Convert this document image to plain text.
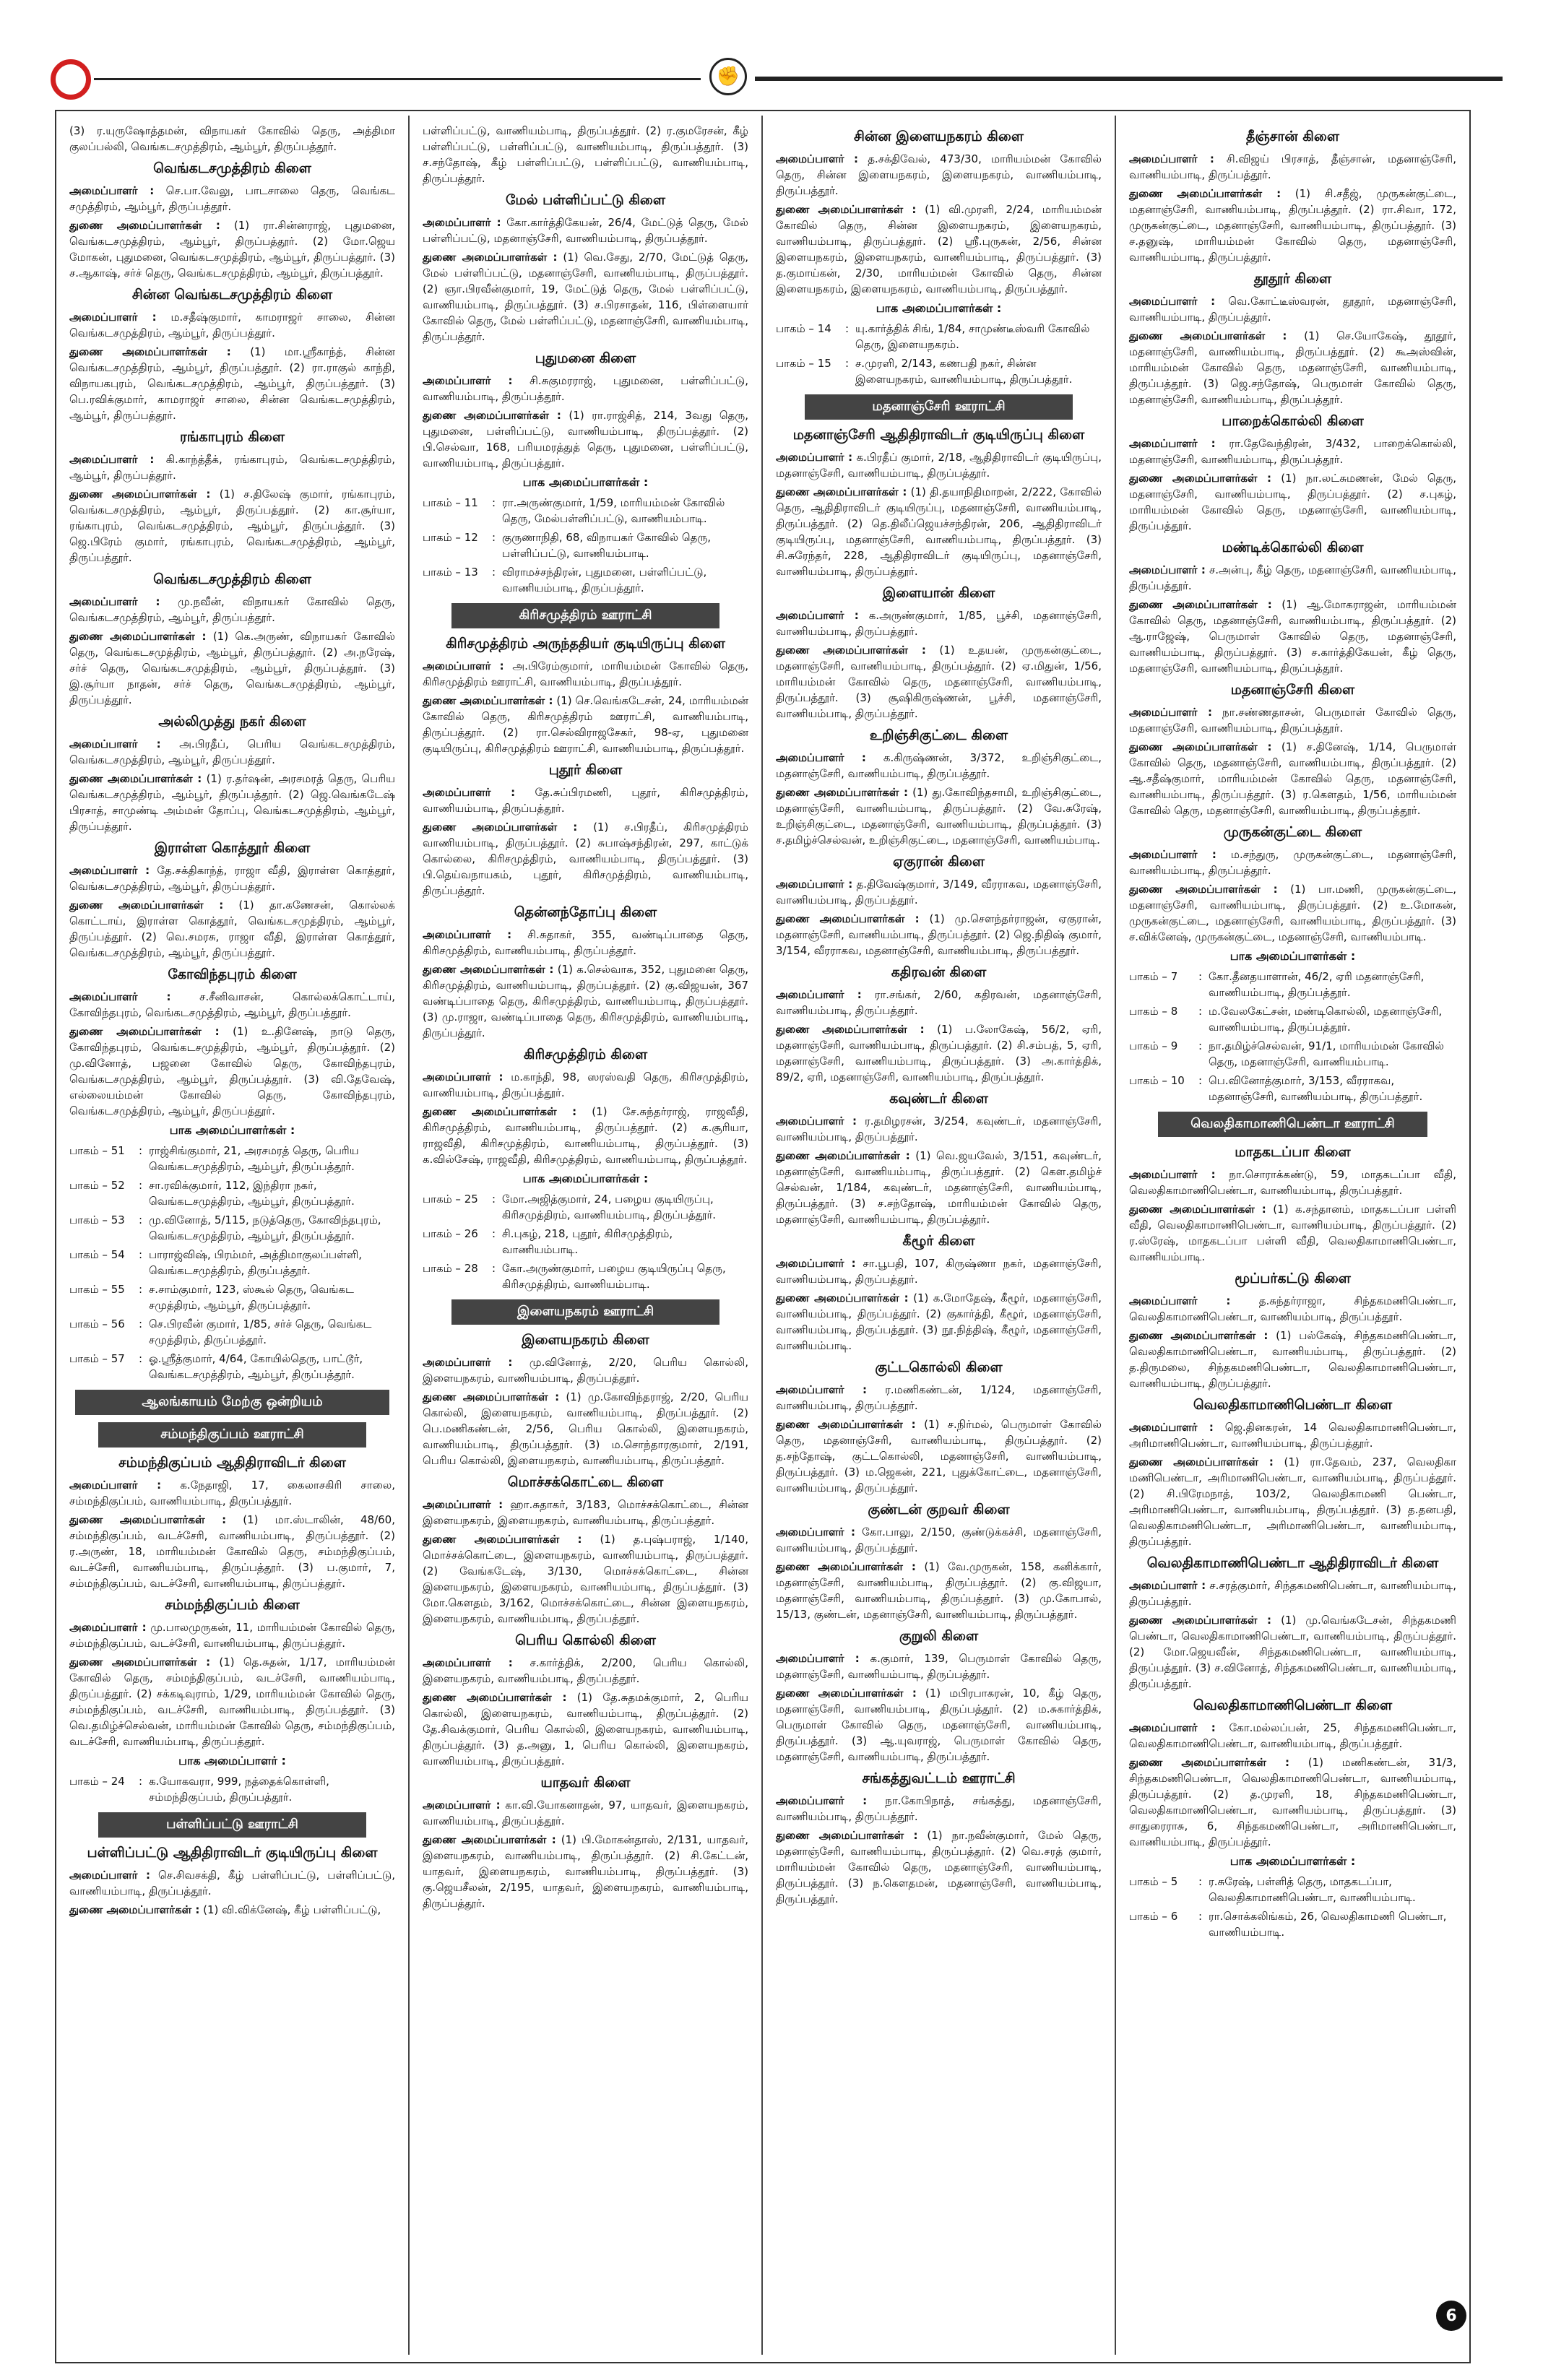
✊
(3) ர.யுருஷோத்தமன், விநாயகர் கோவில் தெரு, அத்திமா குலப்பல்லி, வெங்கடசமுத்திரம், ஆம்பூர், திருப்பத்தூர்.
வெங்கடசமுத்திரம் கிளை
அமைப்பாளர் : செ.பா.வேலு, பாடசாலை தெரு, வெங்கட சமுத்திரம், ஆம்பூர், திருப்பத்தூர்.
துணை அமைப்பாளர்கள் : (1) ரா.சின்னராஜ், புதுமனை, வெங்கடசமுத்திரம், ஆம்பூர், திருப்பத்தூர். (2) மோ.ஜெய மோகன், புதுமனை, வெங்கடசமுத்திரம், ஆம்பூர், திருப்பத்தூர். (3) ச.ஆகாஷ், சர்ச் தெரு, வெங்கடசமுத்திரம், ஆம்பூர், திருப்பத்தூர்.
சின்ன வெங்கடசமுத்திரம் கிளை
அமைப்பாளர் : ம.சதீஷ்குமார், காமராஜர் சாலை, சின்ன வெங்கடசமுத்திரம், ஆம்பூர், திருப்பத்தூர்.
துணை அமைப்பாளர்கள் : (1) மா.ஸ்ரீகாந்த், சின்ன வெங்கடசமுத்திரம், ஆம்பூர், திருப்பத்தூர். (2) ரா.ராகுல் காந்தி, விநாயகபுரம், வெங்கடசமுத்திரம், ஆம்பூர், திருப்பத்தூர். (3) பெ.ரவிக்குமார், காமராஜர் சாலை, சின்ன வெங்கடசமுத்திரம், ஆம்பூர், திருப்பத்தூர்.
ரங்காபுரம் கிளை
அமைப்பாளர் : கி.காந்த்தீக், ரங்காபுரம், வெங்கடசமுத்திரம், ஆம்பூர், திருப்பத்தூர்.
துணை அமைப்பாளர்கள் : (1) ச.திலேஷ் குமார், ரங்காபுரம், வெங்கடசமுத்திரம், ஆம்பூர், திருப்பத்தூர். (2) கா.சூர்யா, ரங்காபுரம், வெங்கடசமுத்திரம், ஆம்பூர், திருப்பத்தூர். (3) ஜெ.பிரேம் குமார், ரங்காபுரம், வெங்கடசமுத்திரம், ஆம்பூர், திருப்பத்தூர்.
வெங்கடசமுத்திரம் கிளை
அமைப்பாளர் : மு.நவீன், விநாயகர் கோவில் தெரு, வெங்கடசமுத்திரம், ஆம்பூர், திருப்பத்தூர்.
துணை அமைப்பாளர்கள் : (1) கெ.அருண், விநாயகர் கோவில் தெரு, வெங்கடசமுத்திரம், ஆம்பூர், திருப்பத்தூர். (2) அ.நரேஷ், சர்ச் தெரு, வெங்கடசமுத்திரம், ஆம்பூர், திருப்பத்தூர். (3) இ.சூர்யா நாதன், சர்ச் தெரு, வெங்கடசமுத்திரம், ஆம்பூர், திருப்பத்தூர்.
அல்லிமுத்து நகர் கிளை
அமைப்பாளர் : அ.பிரதீப், பெரிய வெங்கடசமுத்திரம், வெங்கடசமுத்திரம், ஆம்பூர், திருப்பத்தூர்.
துணை அமைப்பாளர்கள் : (1) ர.தர்ஷன், அரசமரத் தெரு, பெரிய வெங்கடசமுத்திரம், ஆம்பூர், திருப்பத்தூர். (2) ஜெ.வெங்கடேஷ் பிரசாத், சாமுண்டி அம்மன் தோப்பு, வெங்கடசமுத்திரம், ஆம்பூர், திருப்பத்தூர்.
இராள்ள கொத்தூர் கிளை
அமைப்பாளர் : தே.சக்திகாந்த், ராஜா வீதி, இராள்ள கொத்தூர், வெங்கடசமுத்திரம், ஆம்பூர், திருப்பத்தூர்.
துணை அமைப்பாளர்கள் : (1) தா.கணேசன், கொல்லக் கொட்டாய், இராள்ள கொத்தூர், வெங்கடசமுத்திரம், ஆம்பூர், திருப்பத்தூர். (2) வெ.சமரசு, ராஜா வீதி, இராள்ள கொத்தூர், வெங்கடசமுத்திரம், ஆம்பூர், திருப்பத்தூர்.
கோவிந்தபுரம் கிளை
அமைப்பாளர் :	ச.சீனிவாசன், கொல்லக்கொட்டாய், கோவிந்தபுரம், வெங்கடசமுத்திரம், ஆம்பூர், திருப்பத்தூர்.
துணை அமைப்பாளர்கள் : (1) உ.தினேஷ், நாடு தெரு, கோவிந்தபுரம், வெங்கடசமுத்திரம், ஆம்பூர், திருப்பத்தூர். (2) மு.வினோத், பஜனை கோவில் தெரு, கோவிந்தபுரம், வெங்கடசமுத்திரம், ஆம்பூர், திருப்பத்தூர். (3) வி.தேவேஷ், எல்லையம்மன் கோவில் தெரு, கோவிந்தபுரம், வெங்கடசமுத்திரம், ஆம்பூர், திருப்பத்தூர்.
பாக அமைப்பாளர்கள் :
பாகம் – 51	: ராஜ்சிங்குமார், 21, அரசமரத் தெரு, பெரிய வெங்கடசமுத்திரம், ஆம்பூர், திருப்பத்தூர்.
பாகம் – 52	: சா.ரவிக்குமார், 112, இந்திரா நகர், வெங்கடசமுத்திரம், ஆம்பூர், திருப்பத்தூர்.
பாகம் – 53	: மு.வினோத், 5/115, நடுத்தெரு, கோவிந்தபுரம், வெங்கடசமுத்திரம், ஆம்பூர், திருப்பத்தூர்.
பாகம் – 54	: பாராஜ்விஷ், பிரம்மர், அத்திமாகுலப்பள்ளி, வெங்கடசமுத்திரம், திருப்பத்தூர்.
பாகம் – 55	: ச.சாம்குமார், 123, ஸ்கூல் தெரு, வெங்கட சமுத்திரம், ஆம்பூர், திருப்பத்தூர்.
பாகம் – 56	: செ.பிரவீன் குமார், 1/85, சர்ச் தெரு, வெங்கட சமுத்திரம், திருப்பத்தூர்.
பாகம் – 57	: ஓ.ஸ்ரீத்குமார், 4/64, கோயில்தெரு, பாட்டூர், வெங்கடசமுத்திரம், ஆம்பூர், திருப்பத்தூர்.
ஆலங்காயம் மேற்கு ஒன்றியம்
சம்மந்திகுப்பம் ஊராட்சி
சம்மந்திகுப்பம் ஆதிதிராவிடர் கிளை
அமைப்பாளர் : க.நேதாஜி, 17, கைலாசகிரி சாலை, சம்மந்திகுப்பம், வாணியம்பாடி, திருப்பத்தூர்.
துணை அமைப்பாளர்கள் : (1) மா.ஸ்டாலின், 48/60, சம்மந்திகுப்பம், வடச்சேரி, வாணியம்பாடி, திருப்பத்தூர். (2) ர.அருண், 18, மாரியம்மன் கோவில் தெரு, சம்மந்திகுப்பம், வடச்சேரி, வாணியம்பாடி, திருப்பத்தூர். (3) ப.குமார், 7, சம்மந்திகுப்பம், வடச்சேரி, வாணியம்பாடி, திருப்பத்தூர்.
சம்மந்திகுப்பம் கிளை
அமைப்பாளர் : மு.பாலமுருகன், 11, மாரியம்மன் கோவில் தெரு, சம்மந்திகுப்பம், வடச்சேரி, வாணியம்பாடி, திருப்பத்தூர்.
துணை அமைப்பாளர்கள் : (1) தெ.சுதன், 1/17, மாரியம்மன் கோவில் தெரு, சம்மந்திகுப்பம், வடச்சேரி, வாணியம்பாடி, திருப்பத்தூர். (2) சக்கடிவுராம், 1/29, மாரியம்மன் கோவில் தெரு, சம்மந்திகுப்பம், வடச்சேரி, வாணியம்பாடி, திருப்பத்தூர். (3) வெ.தமிழ்ச்செல்வன், மாரியம்மன் கோவில் தெரு, சம்மந்திகுப்பம், வடச்சேரி, வாணியம்பாடி, திருப்பத்தூர்.
பாக அமைப்பாளர் :
பாகம் – 24	: க.யோகவரா, 999, நத்தைக்கொள்ளி, சம்மந்திகுப்பம், திருப்பத்தூர்.
பள்ளிப்பட்டு ஊராட்சி
பள்ளிப்பட்டு ஆதிதிராவிடர் குடியிருப்பு கிளை
அமைப்பாளர் : செ.சிவசக்தி, கீழ் பள்ளிப்பட்டு, பள்ளிப்பட்டு, வாணியம்பாடி, திருப்பத்தூர்.
துணை அமைப்பாளர்கள் : (1) வி.விக்னேஷ், கீழ் பள்ளிப்பட்டு,
பள்ளிப்பட்டு, வாணியம்பாடி, திருப்பத்தூர். (2) ர.குமரேசன், கீழ் பள்ளிப்பட்டு, பள்ளிப்பட்டு, வாணியம்பாடி, திருப்பத்தூர். (3) ச.சந்தோஷ், கீழ் பள்ளிப்பட்டு, பள்ளிப்பட்டு, வாணியம்பாடி, திருப்பத்தூர்.
மேல் பள்ளிப்பட்டு கிளை
அமைப்பாளர் : கோ.கார்த்திகேயன், 26/4, மேட்டுத் தெரு, மேல் பள்ளிப்பட்டு, மதனாஞ்சேரி, வாணியம்பாடி, திருப்பத்தூர்.
துணை அமைப்பாளர்கள் : (1) வெ.சேது, 2/70, மேட்டுத் தெரு, மேல் பள்ளிப்பட்டு, மதனாஞ்சேரி, வாணியம்பாடி, திருப்பத்தூர். (2) ஞா.பிரவீன்குமார், 19, மேட்டுத் தெரு, மேல் பள்ளிப்பட்டு, வாணியம்பாடி, திருப்பத்தூர். (3) ச.பிரசாதன், 116, பிள்ளையார் கோவில் தெரு, மேல் பள்ளிப்பட்டு, மதனாஞ்சேரி, வாணியம்பாடி, திருப்பத்தூர்.
புதுமனை கிளை
அமைப்பாளர் : சி.சுகுமரராஜ், புதுமனை, பள்ளிப்பட்டு, வாணியம்பாடி, திருப்பத்தூர்.
துணை அமைப்பாளர்கள் : (1) ரா.ராஜ்சித், 214, 3வது தெரு, புதுமனை, பள்ளிப்பட்டு, வாணியம்பாடி, திருப்பத்தூர். (2) பி.செல்வா, 168, பரியமரத்துத் தெரு, புதுமனை, பள்ளிப்பட்டு, வாணியம்பாடி, திருப்பத்தூர்.
பாக அமைப்பாளர்கள் :
பாகம் – 11	: ரா.அருண்குமார், 1/59, மாரியம்மன் கோவில் தெரு, மேல்பள்ளிப்பட்டு, வாணியம்பாடி.
பாகம் – 12	: குருணாநிதி, 68, விநாயகர் கோவில் தெரு, பள்ளிப்பட்டு, வாணியம்பாடி.
பாகம் – 13	: விராமச்சந்திரன், புதுமனை, பள்ளிப்பட்டு, வாணியம்பாடி, திருப்பத்தூர்.
கிரிசமுத்திரம் ஊராட்சி
கிரிசமுத்திரம் அருந்ததியர் குடியிருப்பு கிளை
அமைப்பாளர் : அ.பிரேம்குமார், மாரியம்மன் கோவில் தெரு, கிரிசமுத்திரம் ஊராட்சி, வாணியம்பாடி, திருப்பத்தூர்.
துணை அமைப்பாளர்கள் : (1) செ.வெங்கடேசன், 24, மாரியம்மன் கோவில் தெரு, கிரிசமுத்திரம் ஊராட்சி, வாணியம்பாடி, திருப்பத்தூர். (2) ரா.செல்விராஜசேகர், 98-ஏ, புதுமனை குடியிருப்பு, கிரிசமுத்திரம் ஊராட்சி, வாணியம்பாடி, திருப்பத்தூர்.
புதூர் கிளை
அமைப்பாளர் : தே.சுப்பிரமணி, புதூர், கிரிசமுத்திரம், வாணியம்பாடி, திருப்பத்தூர்.
துணை அமைப்பாளர்கள் : (1) ச.பிரதீப், கிரிசமுத்திரம் வாணியம்பாடி, திருப்பத்தூர். (2) சுபாஷ்சந்திரன், 297, காட்டுக் கொல்லை, கிரிசமுத்திரம், வாணியம்பாடி, திருப்பத்தூர். (3) பி.தெய்வநாயகம், புதூர், கிரிசமுத்திரம், வாணியம்பாடி, திருப்பத்தூர்.
தென்னந்தோப்பு கிளை
அமைப்பாளர் : சி.சுதாகர், 355, வண்டிப்பாதை தெரு, கிரிசமுத்திரம், வாணியம்பாடி, திருப்பத்தூர்.
துணை அமைப்பாளர்கள் : (1) க.செல்வாக, 352, புதுமனை தெரு, கிரிசமுத்திரம், வாணியம்பாடி, திருப்பத்தூர். (2) கு.விஜயன், 367 வண்டிப்பாதை தெரு, கிரிசமுத்திரம், வாணியம்பாடி, திருப்பத்தூர். (3) மு.ராஜா, வண்டிப்பாதை தெரு, கிரிசமுத்திரம், வாணியம்பாடி, திருப்பத்தூர்.
கிரிசமுத்திரம் கிளை
அமைப்பாளர் : ம.காந்தி, 98, ஸரஸ்வதி தெரு, கிரிசமுத்திரம், வாணியம்பாடி, திருப்பத்தூர்.
துணை அமைப்பாளர்கள் : (1) சே.சுந்தர்ராஜ், ராஜவீதி, கிரிசமுத்திரம், வாணியம்பாடி, திருப்பத்தூர். (2) க.சூரியா, ராஜவீதி, கிரிசமுத்திரம், வாணியம்பாடி, திருப்பத்தூர். (3) க.வில்சேஷ், ராஜவீதி, கிரிசமுத்திரம், வாணியம்பாடி, திருப்பத்தூர்.
பாக அமைப்பாளர்கள் :
பாகம் – 25	: மோ.அஜித்குமார், 24, பழைய குடியிருப்பு, கிரிசமுத்திரம், வாணியம்பாடி, திருப்பத்தூர்.
பாகம் – 26	: சி.புகழ், 218, புதூர், கிரிசமுத்திரம், வாணியம்பாடி.
பாகம் – 28	: கோ.அருண்குமார், பழைய குடியிருப்பு தெரு, கிரிசமுத்திரம், வாணியம்பாடி.
இளையநகரம் ஊராட்சி
இளையநகரம் கிளை
அமைப்பாளர் : மு.வினோத், 2/20, பெரிய கொல்லி, இளையநகரம், வாணியம்பாடி, திருப்பத்தூர்.
துணை அமைப்பாளர்கள் : (1) மு.கோவிந்தராஜ், 2/20, பெரிய கொல்லி, இளையநகரம், வாணியம்பாடி, திருப்பத்தூர். (2) பெ.மணிகண்டன், 2/56, பெரிய கொல்லி, இளையநகரம், வாணியம்பாடி, திருப்பத்தூர். (3) ம.சொந்தாரகுமார், 2/191, பெரிய கொல்லி, இளையநகரம், வாணியம்பாடி, திருப்பத்தூர்.
மொச்சக்கொட்டை கிளை
அமைப்பாளர் : ஹா.சுதாகர், 3/183, மொச்சக்கொட்டை, சின்ன இளையநகரம், இளையநகரம், வாணியம்பாடி, திருப்பத்தூர்.
துணை அமைப்பாளர்கள் : (1) த.புஷ்பராஜ், 1/140, மொச்சக்கொட்டை, இளையநகரம், வாணியம்பாடி, திருப்பத்தூர். (2) வேங்கடேஷ், 3/130, மொச்சக்கொட்டை, சின்ன இளையநகரம், இளையநகரம், வாணியம்பாடி, திருப்பத்தூர். (3) மோ.கௌதம், 3/162, மொச்சக்கொட்டை, சின்ன இளையநகரம், இளையநகரம், வாணியம்பாடி, திருப்பத்தூர்.
பெரிய கொல்லி கிளை
அமைப்பாளர் : ச.கார்த்திக், 2/200, பெரிய கொல்லி, இளையநகரம், வாணியம்பாடி, திருப்பத்தூர்.
துணை அமைப்பாளர்கள் : (1) தே.சுதமக்குமார், 2, பெரிய கொல்லி, இளையநகரம், வாணியம்பாடி, திருப்பத்தூர். (2) தே.சிவக்குமார், பெரிய கொல்லி, இளையநகரம், வாணியம்பாடி, திருப்பத்தூர். (3) த.அனு, 1, பெரிய கொல்லி, இளையநகரம், வாணியம்பாடி, திருப்பத்தூர்.
யாதவர் கிளை
அமைப்பாளர் : கா.வி.யோகனாதன், 97, யாதவர், இளையநகரம், வாணியம்பாடி, திருப்பத்தூர்.
துணை அமைப்பாளர்கள் : (1) பி.மோகன்தாஸ், 2/131, யாதவர், இளையநகரம், வாணியம்பாடி, திருப்பத்தூர். (2) சி.கேட்டன், யாதவர், இளையநகரம், வாணியம்பாடி, திருப்பத்தூர். (3) கு.ஜெயசீலன், 2/195, யாதவர், இளையநகரம், வாணியம்பாடி, திருப்பத்தூர்.
சின்ன இளையநகரம் கிளை
அமைப்பாளர் : த.சக்திவேல், 473/30, மாரியம்மன் கோவில் தெரு, சின்ன இளையநகரம், இளையநகரம், வாணியம்பாடி, திருப்பத்தூர்.
துணை அமைப்பாளர்கள் : (1) வி.முரளி, 2/24, மாரியம்மன் கோவில் தெரு, சின்ன இளையநகரம், இளையநகரம், வாணியம்பாடி, திருப்பத்தூர். (2) ஸ்ரீ.புருகன், 2/56, சின்ன இளையநகரம், இளையநகரம், வாணியம்பாடி, திருப்பத்தூர். (3) த.குமாய்கன், 2/30, மாரியம்மன் கோவில் தெரு, சின்ன இளையநகரம், இளையநகரம், வாணியம்பாடி, திருப்பத்தூர்.
பாக அமைப்பாளர்கள் :
பாகம் – 14	: யு.கார்த்திக் சிங், 1/84, சாமுண்டீஸ்வரி கோவில் தெரு, இளையநகரம்.
பாகம் – 15	: ச.முரளி, 2/143, கணபதி நகர், சின்ன இளையநகரம், வாணியம்பாடி, திருப்பத்தூர்.
மதனாஞ்சேரி ஊராட்சி
மதனாஞ்சேரி ஆதிதிராவிடர் குடியிருப்பு கிளை
அமைப்பாளர் : க.பிரதீப் குமார், 2/18, ஆதிதிராவிடர் குடியிருப்பு, மதனாஞ்சேரி, வாணியம்பாடி, திருப்பத்தூர்.
துணை அமைப்பாளர்கள் : (1) தி.தயாநிதிமாறன், 2/222, கோவில் தெரு, ஆதிதிராவிடர் குடியிருப்பு, மதனாஞ்சேரி, வாணியம்பாடி, திருப்பத்தூர். (2) தெ.திலீப்ஜெயச்சந்திரன், 206, ஆதிதிராவிடர் குடியிருப்பு, மதனாஞ்சேரி, வாணியம்பாடி, திருப்பத்தூர். (3) சி.சுரேந்தர், 228, ஆதிதிராவிடர் குடியிருப்பு, மதனாஞ்சேரி, வாணியம்பாடி, திருப்பத்தூர்.
இளையான் கிளை
அமைப்பாளர் : க.அருண்குமார், 1/85, பூச்சி, மதனாஞ்சேரி, வாணியம்பாடி, திருப்பத்தூர்.
துணை அமைப்பாளர்கள் : (1) உதயன், முருகன்குட்டை, மதனாஞ்சேரி, வாணியம்பாடி, திருப்பத்தூர். (2) ஏ.மிதுன், 1/56, மாரியம்மன் கோவில் தெரு, மதனாஞ்சேரி, வாணியம்பாடி, திருப்பத்தூர். (3) சூஷிகிருஷ்ணன், பூச்சி, மதனாஞ்சேரி, வாணியம்பாடி, திருப்பத்தூர்.
உறிஞ்சிகுட்டை கிளை
அமைப்பாளர் : க.கிருஷ்ணன், 3/372, உறிஞ்சிகுட்டை, மதனாஞ்சேரி, வாணியம்பாடி, திருப்பத்தூர்.
துணை அமைப்பாளர்கள் : (1) து.கோவிந்தசாமி, உறிஞ்சிகுட்டை, மதனாஞ்சேரி, வாணியம்பாடி, திருப்பத்தூர். (2) வே.சுரேஷ், உறிஞ்சிகுட்டை, மதனாஞ்சேரி, வாணியம்பாடி, திருப்பத்தூர். (3) ச.தமிழ்ச்செல்வன், உறிஞ்சிகுட்டை, மதனாஞ்சேரி, வாணியம்பாடி.
ஏகுரான் கிளை
அமைப்பாளர் : த.திவேஷ்குமார், 3/149, வீரராகவ, மதனாஞ்சேரி, வாணியம்பாடி, திருப்பத்தூர்.
துணை அமைப்பாளர்கள் : (1) மு.செளந்தர்ராஜன், ஏகுரான், மதனாஞ்சேரி, வாணியம்பாடி, திருப்பத்தூர். (2) ஜெ.நிதிஷ் குமார், 3/154, வீரராகவ, மதனாஞ்சேரி, வாணியம்பாடி, திருப்பத்தூர்.
கதிரவன் கிளை
அமைப்பாளர் : ரா.சங்கர், 2/60, கதிரவன், மதனாஞ்சேரி, வாணியம்பாடி, திருப்பத்தூர்.
துணை அமைப்பாளர்கள் : (1) ப.லோகேஷ், 56/2, ஏரி, மதனாஞ்சேரி, வாணியம்பாடி, திருப்பத்தூர். (2) சி.சம்பத், 5, ஏரி, மதனாஞ்சேரி, வாணியம்பாடி, திருப்பத்தூர். (3) அ.கார்த்திக், 89/2, ஏரி, மதனாஞ்சேரி, வாணியம்பாடி, திருப்பத்தூர்.
கவுண்டர் கிளை
அமைப்பாளர் : ர.தமிழரசன், 3/254, கவுண்டர், மதனாஞ்சேரி, வாணியம்பாடி, திருப்பத்தூர்.
துணை அமைப்பாளர்கள் : (1) வெ.ஜயவேல், 3/151, கவுண்டர், மதனாஞ்சேரி, வாணியம்பாடி, திருப்பத்தூர். (2) கௌ.தமிழ்ச் செல்வன், 1/184, கவுண்டர், மதனாஞ்சேரி, வாணியம்பாடி, திருப்பத்தூர். (3) ச.சந்தோஷ், மாரியம்மன் கோவில் தெரு, மதனாஞ்சேரி, வாணியம்பாடி, திருப்பத்தூர்.
கீழூர் கிளை
அமைப்பாளர் : சா.பூபதி, 107, கிருஷ்ணா நகர், மதனாஞ்சேரி, வாணியம்பாடி, திருப்பத்தூர்.
துணை அமைப்பாளர்கள் : (1) க.மோதேஷ், கீழூர், மதனாஞ்சேரி, வாணியம்பாடி, திருப்பத்தூர். (2) குகார்த்தி, கீழூர், மதனாஞ்சேரி, வாணியம்பாடி, திருப்பத்தூர். (3) நூ.நித்திஷ், கீழூர், மதனாஞ்சேரி, வாணியம்பாடி.
குட்டகொல்லி கிளை
அமைப்பாளர் : ர.மணிகண்டன், 1/124, மதனாஞ்சேரி, வாணியம்பாடி, திருப்பத்தூர்.
துணை அமைப்பாளர்கள் : (1) ச.நிர்மல், பெருமாள் கோவில் தெரு, மதனாஞ்சேரி, வாணியம்பாடி, திருப்பத்தூர். (2) த.சந்தோஷ், குட்டகொல்லி, மதனாஞ்சேரி, வாணியம்பாடி, திருப்பத்தூர். (3) ம.ஜெகன், 221, புதுக்கோட்டை, மதனாஞ்சேரி, வாணியம்பாடி, திருப்பத்தூர்.
குண்டன் குறவர் கிளை
அமைப்பாளர் : கோ.பாலு, 2/150, குண்டுக்கச்சி, மதனாஞ்சேரி, வாணியம்பாடி, திருப்பத்தூர்.
துணை அமைப்பாளர்கள் : (1) வே.முருகன், 158, கனிக்கார், மதனாஞ்சேரி, வாணியம்பாடி, திருப்பத்தூர். (2) கு.விஜயா, மதனாஞ்சேரி, வாணியம்பாடி, திருப்பத்தூர். (3) மு.கோபால், 15/13, குண்டன், மதனாஞ்சேரி, வாணியம்பாடி, திருப்பத்தூர்.
குறுலி கிளை
அமைப்பாளர் : க.குமார், 139, பெருமாள் கோவில் தெரு, மதனாஞ்சேரி, வாணியம்பாடி, திருப்பத்தூர்.
துணை அமைப்பாளர்கள் : (1) மபிரபாகரன், 10, கீழ் தெரு, மதனாஞ்சேரி, வாணியம்பாடி, திருப்பத்தூர். (2) ம.சுகார்த்திக், பெருமாள் கோவில் தெரு, மதனாஞ்சேரி, வாணியம்பாடி, திருப்பத்தூர். (3) ஆ.யுவராஜ், பெருமாள் கோவில் தெரு, மதனாஞ்சேரி, வாணியம்பாடி, திருப்பத்தூர்.
சங்கத்துவட்டம் ஊராட்சி
அமைப்பாளர் : நா.கோபிநாத், சங்கத்து, மதனாஞ்சேரி, வாணியம்பாடி, திருப்பத்தூர்.
துணை அமைப்பாளர்கள் : (1) நா.நவீன்குமார், மேல் தெரு, மதனாஞ்சேரி, வாணியம்பாடி, திருப்பத்தூர். (2) வெ.சரத் குமார், மாரியம்மன் கோவில் தெரு, மதனாஞ்சேரி, வாணியம்பாடி, திருப்பத்தூர். (3) ந.கௌதமன், மதனாஞ்சேரி, வாணியம்பாடி, திருப்பத்தூர்.
தீஞ்சான் கிளை
அமைப்பாளர் : சி.விஜய் பிரசாத், தீஞ்சான், மதனாஞ்சேரி, வாணியம்பாடி, திருப்பத்தூர்.
துணை அமைப்பாளர்கள் : (1) சி.சதீஜ், முருகன்குட்டை, மதனாஞ்சேரி, வாணியம்பாடி, திருப்பத்தூர். (2) ரா.சிவா, 172, முருகன்குட்டை, மதனாஞ்சேரி, வாணியம்பாடி, திருப்பத்தூர். (3) ச.தனுஷ், மாரியம்மன் கோவில் தெரு, மதனாஞ்சேரி, வாணியம்பாடி, திருப்பத்தூர்.
தூதூர் கிளை
அமைப்பாளர் : வெ.கோட்டீஸ்வரன், தூதூர், மதனாஞ்சேரி, வாணியம்பாடி, திருப்பத்தூர்.
துணை அமைப்பாளர்கள் : (1) செ.யோகேஷ், தூதூர், மதனாஞ்சேரி, வாணியம்பாடி, திருப்பத்தூர். (2) கூஅஸ்வின், மாரியம்மன் கோவில் தெரு, மதனாஞ்சேரி, வாணியம்பாடி, திருப்பத்தூர். (3) ஜெ.சந்தோஷ், பெருமாள் கோவில் தெரு, மதனாஞ்சேரி, வாணியம்பாடி, திருப்பத்தூர்.
பாறைக்கொல்லி கிளை
அமைப்பாளர் : ரா.தேவேந்திரன், 3/432, பாறைக்கொல்லி, மதனாஞ்சேரி, வாணியம்பாடி, திருப்பத்தூர்.
துணை அமைப்பாளர்கள் : (1) நா.லட்சுமணன், மேல் தெரு, மதனாஞ்சேரி, வாணியம்பாடி, திருப்பத்தூர். (2) ச.புகழ், மாரியம்மன் கோவில் தெரு, மதனாஞ்சேரி, வாணியம்பாடி, திருப்பத்தூர்.
மண்டிக்கொல்லி கிளை
அமைப்பாளர் : ச.அன்பு, கீழ் தெரு, மதனாஞ்சேரி, வாணியம்பாடி, திருப்பத்தூர்.
துணை அமைப்பாளர்கள் : (1) ஆ.மோகராஜன், மாரியம்மன் கோவில் தெரு, மதனாஞ்சேரி, வாணியம்பாடி, திருப்பத்தூர். (2) ஆ.ராஜேஷ், பெருமாள் கோவில் தெரு, மதனாஞ்சேரி, வாணியம்பாடி, திருப்பத்தூர். (3) ச.கார்த்திகேயன், கீழ் தெரு, மதனாஞ்சேரி, வாணியம்பாடி, திருப்பத்தூர்.
மதனாஞ்சேரி கிளை
அமைப்பாளர் : நா.சண்ணதாசன், பெருமாள் கோவில் தெரு, மதனாஞ்சேரி, வாணியம்பாடி, திருப்பத்தூர்.
துணை அமைப்பாளர்கள் : (1) ச.தினேஷ், 1/14, பெருமாள் கோவில் தெரு, மதனாஞ்சேரி, வாணியம்பாடி, திருப்பத்தூர். (2) ஆ.சதீஷ்குமார், மாரியம்மன் கோவில் தெரு, மதனாஞ்சேரி, வாணியம்பாடி, திருப்பத்தூர். (3) ர.கௌதம், 1/56, மாரியம்மன் கோவில் தெரு, மதனாஞ்சேரி, வாணியம்பாடி, திருப்பத்தூர்.
முருகன்குட்டை கிளை
அமைப்பாளர் : ம.சந்துரு, முருகன்குட்டை, மதனாஞ்சேரி, வாணியம்பாடி, திருப்பத்தூர்.
துணை அமைப்பாளர்கள் : (1) பா.மணி, முருகன்குட்டை, மதனாஞ்சேரி, வாணியம்பாடி, திருப்பத்தூர். (2) உ.மோகன், முருகன்குட்டை, மதனாஞ்சேரி, வாணியம்பாடி, திருப்பத்தூர். (3) ச.விக்னேஷ், முருகன்குட்டை, மதனாஞ்சேரி, வாணியம்பாடி.
பாக அமைப்பாளர்கள் :
பாகம் – 7	: கோ.தீனதயாளான், 46/2, ஏரி மதனாஞ்சேரி, வாணியம்பாடி, திருப்பத்தூர்.
பாகம் – 8	: ம.வேலகேட்சன், மண்டிகொல்லி, மதனாஞ்சேரி, வாணியம்பாடி, திருப்பத்தூர்.
பாகம் – 9	: நா.தமிழ்ச்செல்வன், 91/1, மாரியம்மன் கோவில் தெரு, மதனாஞ்சேரி, வாணியம்பாடி.
பாகம் – 10	: பெ.வினோத்குமார், 3/153, வீரராகவ, மதனாஞ்சேரி, வாணியம்பாடி, திருப்பத்தூர்.
வெலதிகாமாணிபெண்டா ஊராட்சி
மாதகடப்பா கிளை
அமைப்பாளர் : நா.சொராக்கண்டு, 59, மாதகடப்பா வீதி, வெலதிகாமாணிபெண்டா, வாணியம்பாடி, திருப்பத்தூர்.
துணை அமைப்பாளர்கள் : (1) க.சந்தானம், மாதகடப்பா பள்ளி வீதி, வெலதிகாமாணிபெண்டா, வாணியம்பாடி, திருப்பத்தூர். (2) ர.ஸ்ரேஷ், மாதகடப்பா பள்ளி வீதி, வெலதிகாமாணிபெண்டா, வாணியம்பாடி.
மூப்பர்கட்டு கிளை
அமைப்பாளர் :	த.சுந்தர்ராஜா, சிந்தகமணிபெண்டா, வெலதிகாமாணிபெண்டா, வாணியம்பாடி, திருப்பத்தூர்.
துணை அமைப்பாளர்கள் : (1) பல்கேஷ், சிந்தகமணிபெண்டா, வெலதிகாமாணிபெண்டா, வாணியம்பாடி, திருப்பத்தூர். (2) த.திருமலை, சிந்தகமணிபெண்டா, வெலதிகாமாணிபெண்டா, வாணியம்பாடி, திருப்பத்தூர்.
வெலதிகாமாணிபெண்டா கிளை
அமைப்பாளர் : ஜெ.தினகரன், 14 வெலதிகாமாணிபெண்டா, அரிமாணிபெண்டா, வாணியம்பாடி, திருப்பத்தூர்.
துணை அமைப்பாளர்கள் : (1) ரா.தேவம், 237, வெலதிகா மணிபெண்டா, அரிமாணிபெண்டா, வாணியம்பாடி, திருப்பத்தூர். (2) சி.பிரேமநாத், 103/2, வெலதிகாமணி பெண்டா, அரிமாணிபெண்டா, வாணியம்பாடி, திருப்பத்தூர். (3) த.தனபதி, வெலதிகாமணிபெண்டா, அரிமாணிபெண்டா, வாணியம்பாடி, திருப்பத்தூர்.
வெலதிகாமாணிபெண்டா ஆதிதிராவிடர் கிளை
அமைப்பாளர் : ச.சரத்குமார், சிந்தகமணிபெண்டா, வாணியம்பாடி, திருப்பத்தூர்.
துணை அமைப்பாளர்கள் : (1) மு.வெங்கடேசன், சிந்தகமணி பெண்டா, வெலதிகாமாணிபெண்டா, வாணியம்பாடி, திருப்பத்தூர். (2) மோ.ஜெயவீன், சிந்தகமணிபெண்டா, வாணியம்பாடி, திருப்பத்தூர். (3) ச.வினோத், சிந்தகமணிபெண்டா, வாணியம்பாடி, திருப்பத்தூர்.
வெலதிகாமாணிபெண்டா கிளை
அமைப்பாளர் : கோ.மல்லப்பன், 25, சிந்தகமணிபெண்டா, வெலதிகாமாணிபெண்டா, வாணியம்பாடி, திருப்பத்தூர்.
துணை அமைப்பாளர்கள் : (1) மணிகண்டன், 31/3, சிந்தகமணிபெண்டா, வெலதிகாமாணிபெண்டா, வாணியம்பாடி, திருப்பத்தூர். (2) த.முரளி, 18, சிந்தகமணிபெண்டா, வெலதிகாமாணிபெண்டா, வாணியம்பாடி, திருப்பத்தூர். (3) சாதுரைராசு, 6, சிந்தகமணிபெண்டா, அரிமாணிபெண்டா, வாணியம்பாடி, திருப்பத்தூர்.
பாக அமைப்பாளர்கள் :
பாகம் – 5	: ர.சுரேஷ், பள்ளித் தெரு, மாதகடப்பா, வெலதிகாமாணிபெண்டா, வாணியம்பாடி.
பாகம் – 6	: ரா.சொக்கலிங்கம், 26, வெலதிகாமணி பெண்டா, வாணியம்பாடி.
6
